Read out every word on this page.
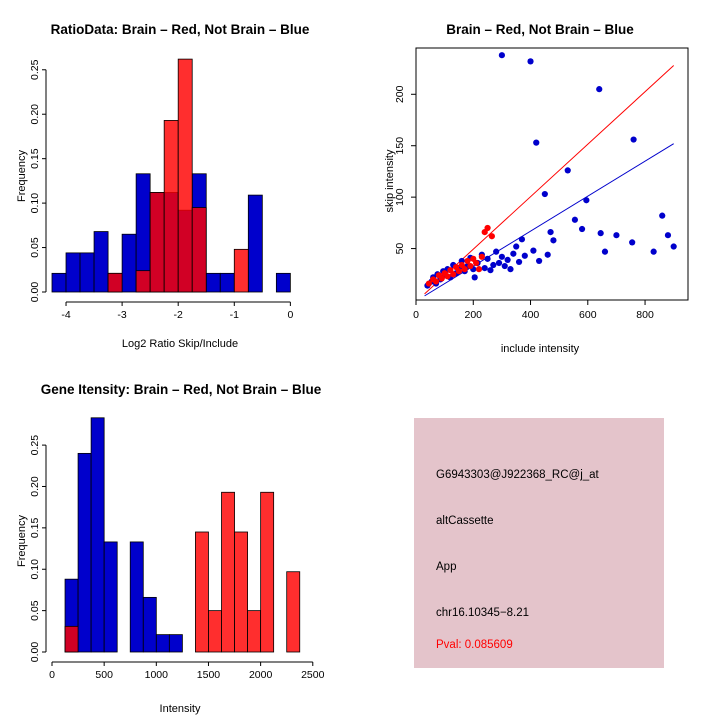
RatioData: Brain – Red, Not Brain – Blue
-4	-3	-2	-1	0
0.00
0.05
0.10
0.15
0.20
0.25
Log2 Ratio Skip/Include
Frequency
Brain – Red, Not Brain – Blue
0	200	400	600	800
50
100
150
200
include intensity
skip intensity
Gene Itensity: Brain – Red, Not Brain – Blue
0	500	1000	1500	2000	2500
0.00
0.05
0.10
0.15
0.20
0.25
Intensity
Frequency
G6943303@J922368_RC@j_at
altCassette
App
chr16.10345−8.21
Pval: 0.085609
